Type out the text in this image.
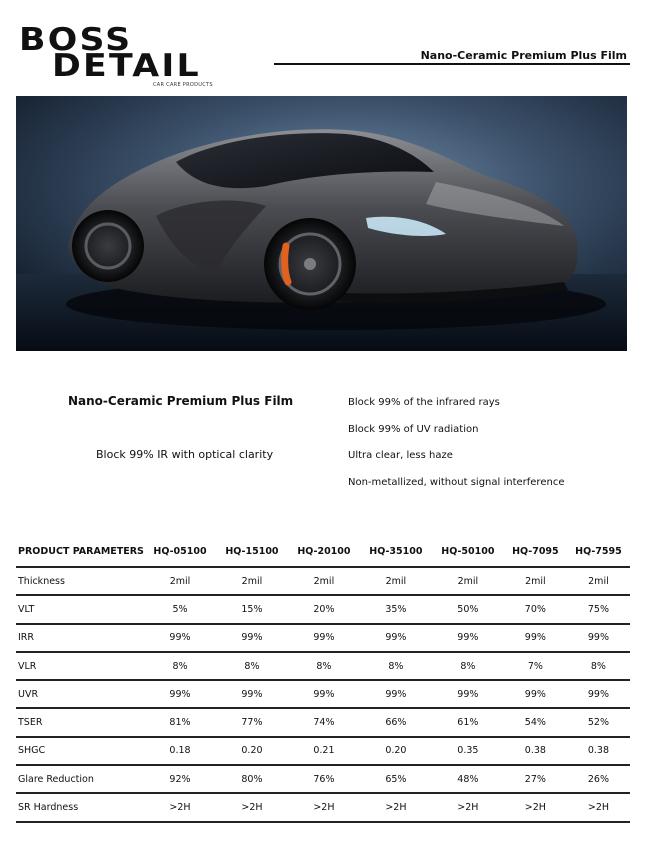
BOSS
DETAIL
CAR CARE PRODUCTS
Nano-Ceramic Premium Plus Film
Nano-Ceramic Premium Plus Film
Block 99% IR with optical clarity
Block 99% of the infrared rays
Block 99% of UV radiation
Ultra clear, less haze
Non-metallized, without signal interference
PRODUCT PARAMETERS	HQ-05100	HQ-15100	HQ-20100	HQ-35100	HQ-50100	HQ-7095	HQ-7595
Thickness	2mil	2mil	2mil	2mil	2mil	2mil	2mil
VLT	5%	15%	20%	35%	50%	70%	75%
IRR	99%	99%	99%	99%	99%	99%	99%
VLR	8%	8%	8%	8%	8%	7%	8%
UVR	99%	99%	99%	99%	99%	99%	99%
TSER	81%	77%	74%	66%	61%	54%	52%
SHGC	0.18	0.20	0.21	0.20	0.35	0.38	0.38
Glare Reduction	92%	80%	76%	65%	48%	27%	26%
SR Hardness	>2H	>2H	>2H	>2H	>2H	>2H	>2H
